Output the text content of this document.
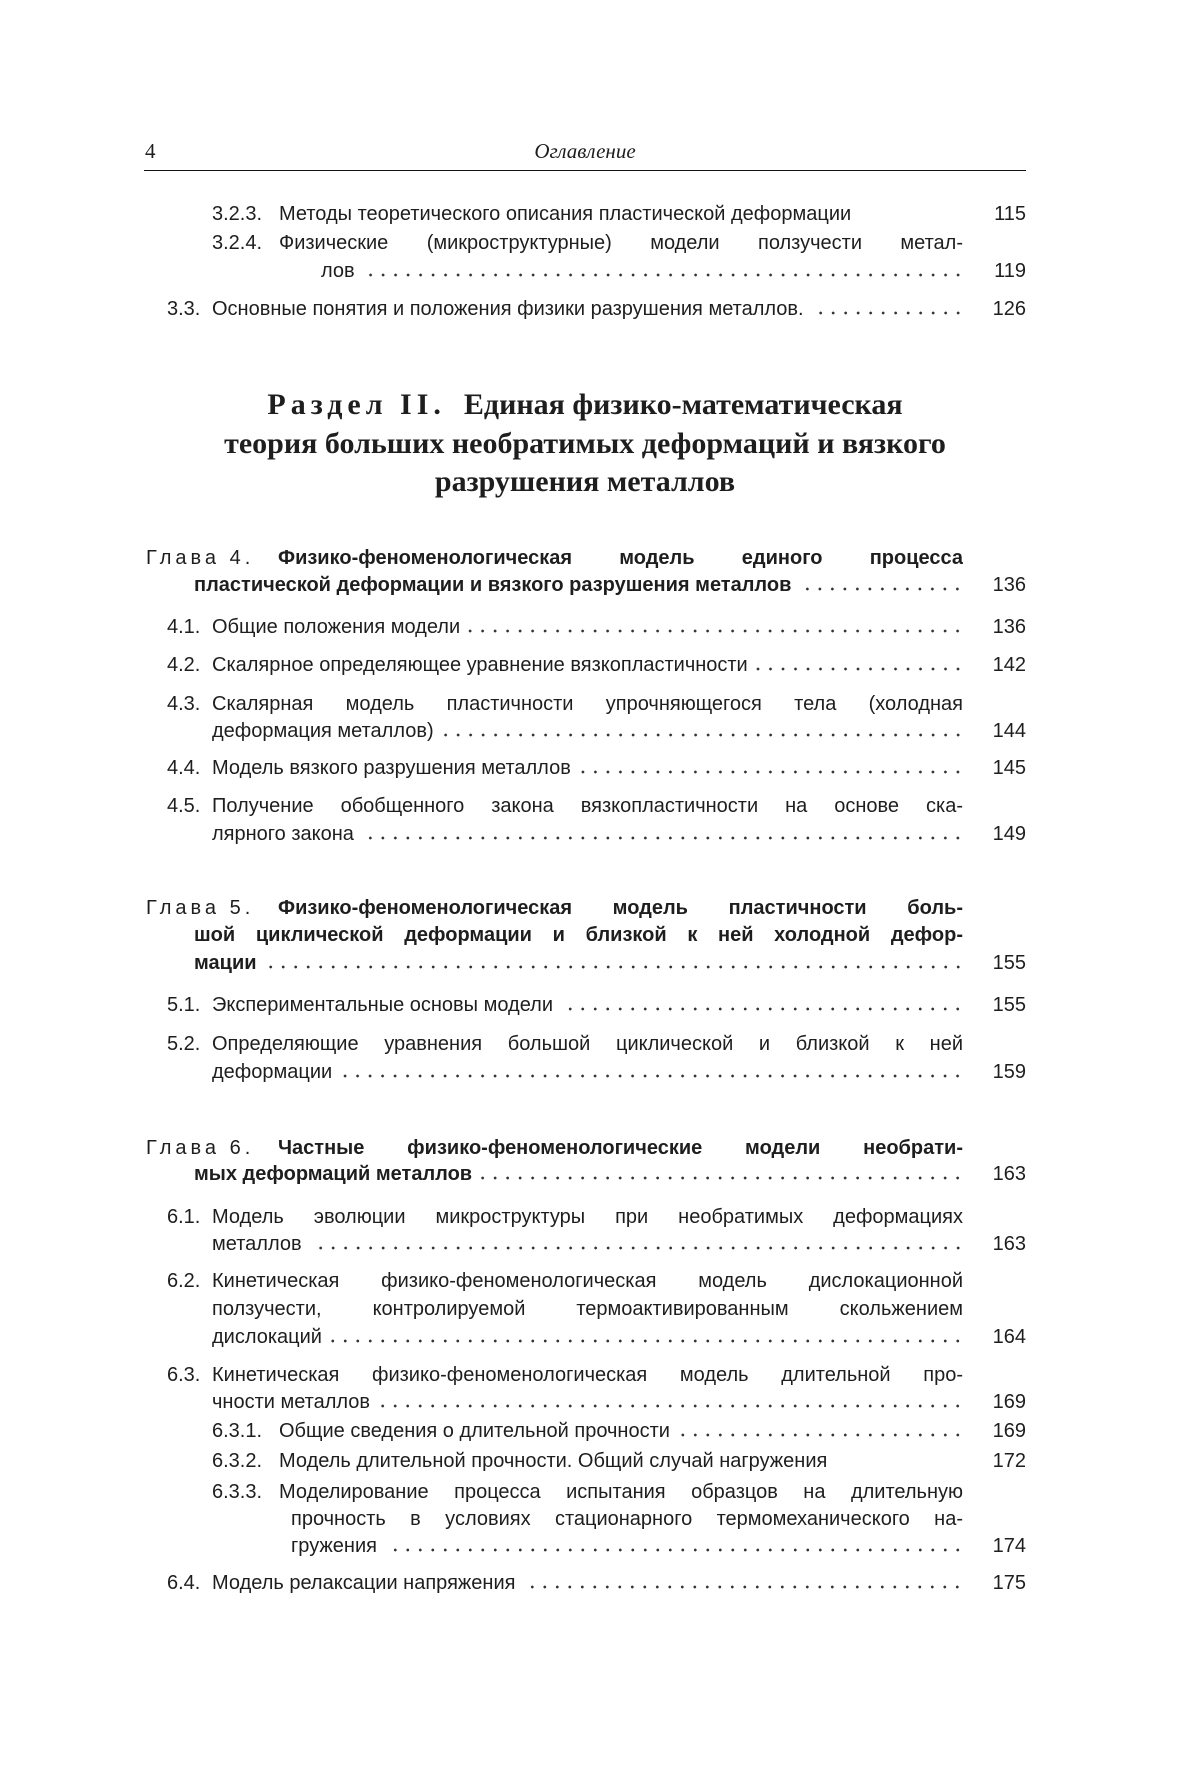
4	Оглавление
Раздел II. Единая физико-математическая
теория больших необратимых деформаций и вязкого
разрушения металлов
3.2.3. Методы теоретического описания пластической деформации	115
3.2.4. Физические (микроструктурные) модели ползучести метал-
лов	119
3.3. Основные понятия и положения физики разрушения металлов.	126
Глава 4. Физико-феноменологическая модель единого процесса
пластической деформации и вязкого разрушения металлов	136
4.1. Общие положения модели	136
4.2. Скалярное определяющее уравнение вязкопластичности	142
4.3. Скалярная модель пластичности упрочняющегося тела (холодная
деформация металлов)	144
4.4. Модель вязкого разрушения металлов	145
4.5. Получение обобщенного закона вязкопластичности на основе ска-
лярного закона	149
Глава 5. Физико-феноменологическая модель пластичности боль-
шой циклической деформации и близкой к ней холодной дефор-
мации	155
5.1. Экспериментальные основы модели	155
5.2. Определяющие уравнения большой циклической и близкой к ней
деформации	159
Глава 6. Частные физико-феноменологические модели необрати-
мых деформаций металлов	163
6.1. Модель эволюции микроструктуры при необратимых деформациях
металлов	163
6.2. Кинетическая физико-феноменологическая модель дислокационной
ползучести, контролируемой термоактивированным скольжением
дислокаций	164
6.3. Кинетическая физико-феноменологическая модель длительной про-
чности металлов	169
6.3.1. Общие сведения о длительной прочности	169
6.3.2. Модель длительной прочности. Общий случай нагружения	172
6.3.3. Моделирование процесса испытания образцов на длительную
прочность в условиях стационарного термомеханического на-
гружения	174
6.4. Модель релаксации напряжения	175
